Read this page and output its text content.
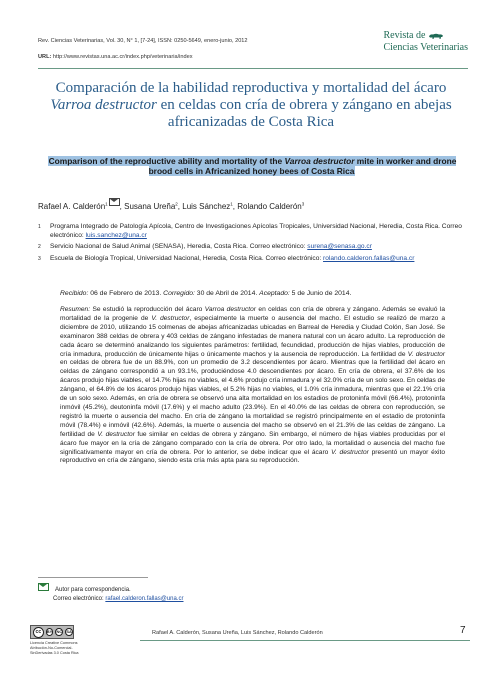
Rev. Ciencias Veterinarias, Vol. 30, N° 1, [7-24], ISSN: 0250-5649, enero-junio, 2012
URL: http://www.revistas.una.ac.cr/index.php/veterinaria/index
Revista de
Ciencias Veterinarias
Comparación de la habilidad reproductiva y mortalidad del ácaro Varroa destructor en celdas con cría de obrera y zángano en abejas africanizadas de Costa Rica
Comparison of the reproductive ability and mortality of the Varroa destructor mite in worker and drone brood cells in Africanized honey bees of Costa Rica
Rafael A. Calderón$^1$ , Susana Ureña$^2$, Luis Sánchez$^1$, Rolando Calderón$^3$
1 Programa Integrado de Patología Apícola, Centro de Investigaciones Apícolas Tropicales, Universidad Nacional, Heredia, Costa Rica. Correo electrónico: luis.sanchez@una.cr
2 Servicio Nacional de Salud Animal (SENASA), Heredia, Costa Rica. Correo electrónico: surena@senasa.go.cr
3 Escuela de Biología Tropical, Universidad Nacional, Heredia, Costa Rica. Correo electrónico: rolando.calderon.fallas@una.cr
Recibido: 06 de Febrero de 2013. Corregido: 30 de Abril de 2014. Aceptado: 5 de Junio de 2014.
Resumen: Se estudió la reproducción del ácaro Varroa destructor en celdas con cría de obrera y zángano. Además se evaluó la mortalidad de la progenie de V. destructor, especialmente la muerte o ausencia del macho. El estudio se realizó de marzo a diciembre de 2010, utilizando 15 colmenas de abejas africanizadas ubicadas en Barreal de Heredia y Ciudad Colón, San José. Se examinaron 388 celdas de obrera y 403 celdas de zángano infestadas de manera natural con un ácaro adulto. La reproducción de cada ácaro se determinó analizando los siguientes parámetros: fertilidad, fecundidad, producción de hijas viables, producción de cría inmadura, producción de únicamente hijas o únicamente machos y la ausencia de reproducción. La fertilidad de V. destructor en celdas de obrera fue de un 88.9%, con un promedio de 3.2 descendientes por ácaro. Mientras que la fertilidad del ácaro en celdas de zángano correspondió a un 93.1%, produciéndose 4.0 descendientes por ácaro. En cría de obrera, el 37.6% de los ácaros produjo hijas viables, el 14.7% hijas no viables, el 4.6% produjo cría inmadura y el 32.0% cría de un solo sexo. En celdas de zángano, el 64.8% de los ácaros produjo hijas viables, el 5.2% hijas no viables, el 1.0% cría inmadura, mientras que el 22.1% cría de un solo sexo. Además, en cría de obrera se observó una alta mortalidad en los estadios de protoninfa móvil (66.4%), protoninfa inmóvil (45.2%), deutoninfa móvil (17.6%) y el macho adulto (23.9%). En el 40.0% de las celdas de obrera con reproducción, se registró la muerte o ausencia del macho. En cría de zángano la mortalidad se registró principalmente en el estadio de protoninfa móvil (78.4%) e inmóvil (42.6%). Además, la muerte o ausencia del macho se observó en el 21.3% de las celdas de zángano. La fertilidad de V. destructor fue similar en celdas de obrera y zángano. Sin embargo, el número de hijas viables producidas por el ácaro fue mayor en la cría de zángano comparado con la cría de obrera. Por otro lado, la mortalidad o ausencia del macho fue significativamente mayor en cría de obrera. Por lo anterior, se debe indicar que el ácaro V. destructor presentó un mayor éxito reproductivo en cría de zángano, siendo esta cría más apta para su reproducción.
Autor para correspondencia.
Correo electrónico: rafael.calderon.fallas@una.cr
cc	BY NC SA
Licencia Creative Commons
Atribución-No-Comercial-
SinDerivadas 3.0 Costa Rica
Rafael A. Calderón, Susana Ureña, Luis Sánchez, Rolando Calderón	7
